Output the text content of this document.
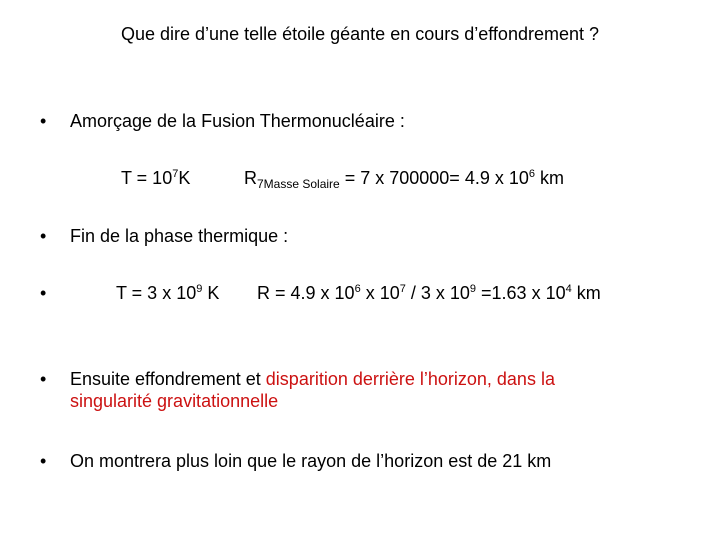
Que dire d’une telle étoile géante en cours d’effondrement ?
• Amorçage de la Fusion Thermonucléaire :
$T = 10^7K$	$R_{7Masse Solaire} = 7$ x 700000= 4.9 x $10^6$ km
• Fin de la phase thermique :
•	T = 3 x $10^9$ K R = 4.9 x $10^6$ x $10^7 / 3$ x $10^9 =1.63$ x $10^4$ km
• Ensuite effondrement et disparition derrière l’horizon, dans la
singularité gravitationnelle
• On montrera plus loin que le rayon de l’horizon est de 21 km
